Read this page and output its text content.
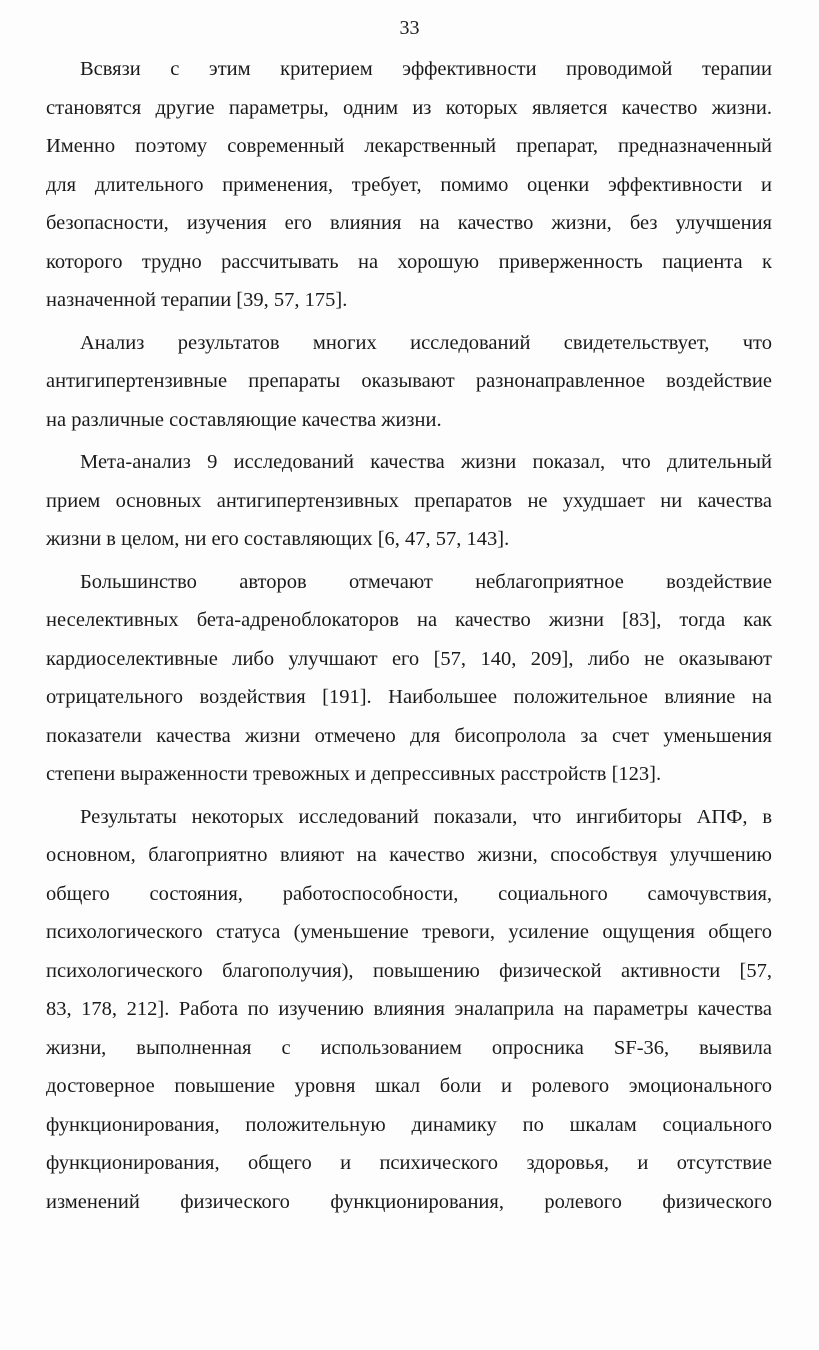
33
Всвязи с этим критерием эффективности проводимой терапии
становятся другие параметры, одним из которых является качество жизни.
Именно поэтому современный лекарственный препарат, предназначенный
для длительного применения, требует, помимо оценки эффективности и
безопасности, изучения его влияния на качество жизни, без улучшения
которого трудно рассчитывать на хорошую приверженность пациента к
назначенной терапии [39, 57, 175].
Анализ результатов многих исследований свидетельствует, что
антигипертензивные препараты оказывают разнонаправленное воздействие
на различные составляющие качества жизни.
Мета-анализ 9 исследований качества жизни показал, что длительный
прием основных антигипертензивных препаратов не ухудшает ни качества
жизни в целом, ни его составляющих [6, 47, 57, 143].
Большинство авторов отмечают неблагоприятное воздействие
неселективных бета-адреноблокаторов на качество жизни [83], тогда как
кардиоселективные либо улучшают его [57, 140, 209], либо не оказывают
отрицательного воздействия [191]. Наибольшее положительное влияние на
показатели качества жизни отмечено для бисопролола за счет уменьшения
степени выраженности тревожных и депрессивных расстройств [123].
Результаты некоторых исследований показали, что ингибиторы АПФ, в
основном, благоприятно влияют на качество жизни, способствуя улучшению
общего состояния, работоспособности, социального самочувствия,
психологического статуса (уменьшение тревоги, усиление ощущения общего
психологического благополучия), повышению физической активности [57,
83, 178, 212]. Работа по изучению влияния эналаприла на параметры качества
жизни, выполненная с использованием опросника SF-36, выявила
достоверное повышение уровня шкал боли и ролевого эмоционального
функционирования, положительную динамику по шкалам социального
функционирования, общего и психического здоровья, и отсутствие
изменений физического функционирования, ролевого физического
